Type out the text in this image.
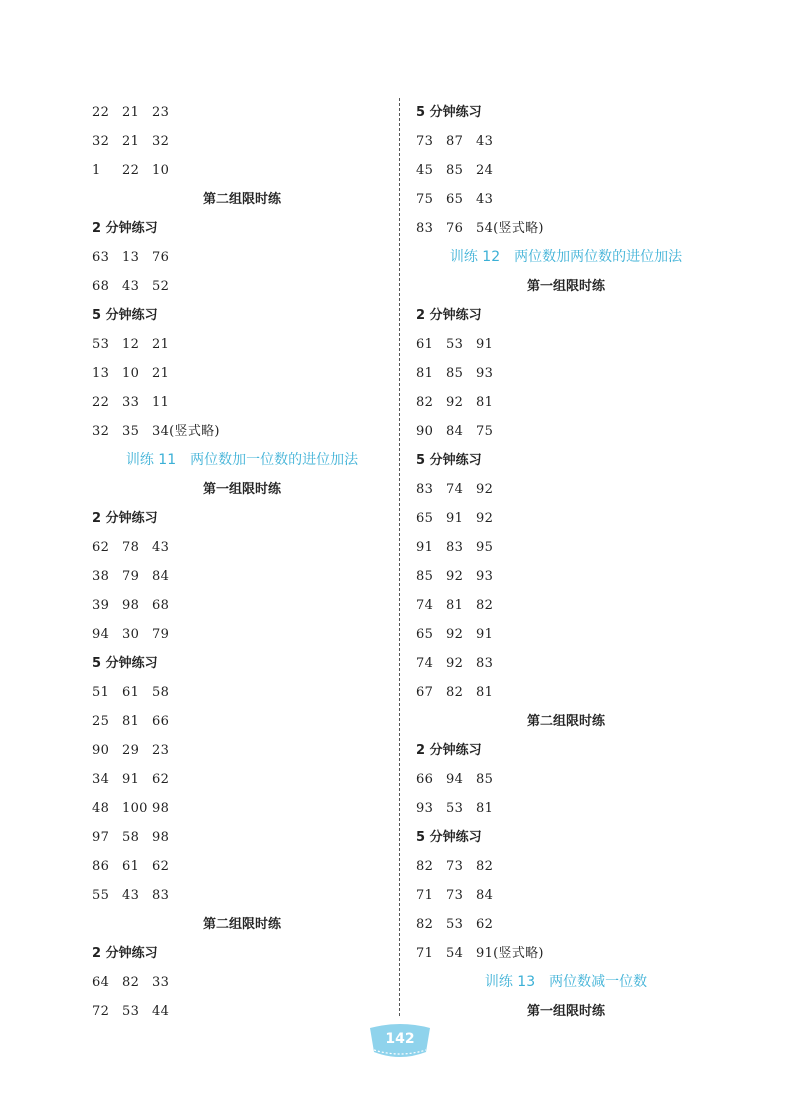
22 21 23
32 21 32
1 22 10
第二组限时练
2 分钟练习
63 13 76
68 43 52
5 分钟练习
53 12 21
13 10 21
22 33 11
32 35 34(竖式略)
训练 11　两位数加一位数的进位加法
第一组限时练
2 分钟练习
62 78 43
38 79 84
39 98 68
94 30 79
5 分钟练习
51 61 58
25 81 66
90 29 23
34 91 62
48 100 98
97 58 98
86 61 62
55 43 83
第二组限时练
2 分钟练习
64 82 33
72 53 44
5 分钟练习
73 87 43
45 85 24
75 65 43
83 76 54(竖式略)
训练 12　两位数加两位数的进位加法
第一组限时练
2 分钟练习
61 53 91
81 85 93
82 92 81
90 84 75
5 分钟练习
83 74 92
65 91 92
91 83 95
85 92 93
74 81 82
65 92 91
74 92 83
67 82 81
第二组限时练
2 分钟练习
66 94 85
93 53 81
5 分钟练习
82 73 82
71 73 84
82 53 62
71 54 91(竖式略)
训练 13　两位数减一位数
第一组限时练
142
